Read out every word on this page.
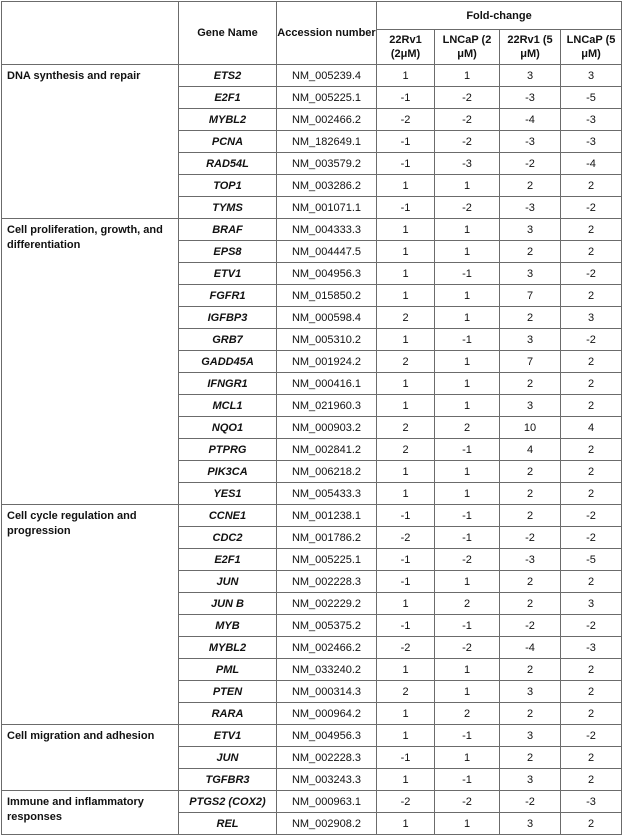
	Gene Name	Accession number	Fold-change			
			22Rv1 (2μM)	LNCaP (2 μM)	22Rv1 (5 μM)	LNCaP (5 μM)
DNA synthesis and repair	ETS2	NM_005239.4	1	1	3	3
	E2F1	NM_005225.1	-1	-2	-3	-5
	MYBL2	NM_002466.2	-2	-2	-4	-3
	PCNA	NM_182649.1	-1	-2	-3	-3
	RAD54L	NM_003579.2	-1	-3	-2	-4
	TOP1	NM_003286.2	1	1	2	2
	TYMS	NM_001071.1	-1	-2	-3	-2
Cell proliferation, growth, and differentiation	BRAF	NM_004333.3	1	1	3	2
	EPS8	NM_004447.5	1	1	2	2
	ETV1	NM_004956.3	1	-1	3	-2
	FGFR1	NM_015850.2	1	1	7	2
	IGFBP3	NM_000598.4	2	1	2	3
	GRB7	NM_005310.2	1	-1	3	-2
	GADD45A	NM_001924.2	2	1	7	2
	IFNGR1	NM_000416.1	1	1	2	2
	MCL1	NM_021960.3	1	1	3	2
	NQO1	NM_000903.2	2	2	10	4
	PTPRG	NM_002841.2	2	-1	4	2
	PIK3CA	NM_006218.2	1	1	2	2
	YES1	NM_005433.3	1	1	2	2
Cell cycle regulation and progression	CCNE1	NM_001238.1	-1	-1	2	-2
	CDC2	NM_001786.2	-2	-1	-2	-2
	E2F1	NM_005225.1	-1	-2	-3	-5
	JUN	NM_002228.3	-1	1	2	2
	JUN B	NM_002229.2	1	2	2	3
	MYB	NM_005375.2	-1	-1	-2	-2
	MYBL2	NM_002466.2	-2	-2	-4	-3
	PML	NM_033240.2	1	1	2	2
	PTEN	NM_000314.3	2	1	3	2
	RARA	NM_000964.2	1	2	2	2
Cell migration and adhesion	ETV1	NM_004956.3	1	-1	3	-2
	JUN	NM_002228.3	-1	1	2	2
	TGFBR3	NM_003243.3	1	-1	3	2
Immune and inflammatory responses	PTGS2 (COX2)	NM_000963.1	-2	-2	-2	-3
	REL	NM_002908.2	1	1	3	2
